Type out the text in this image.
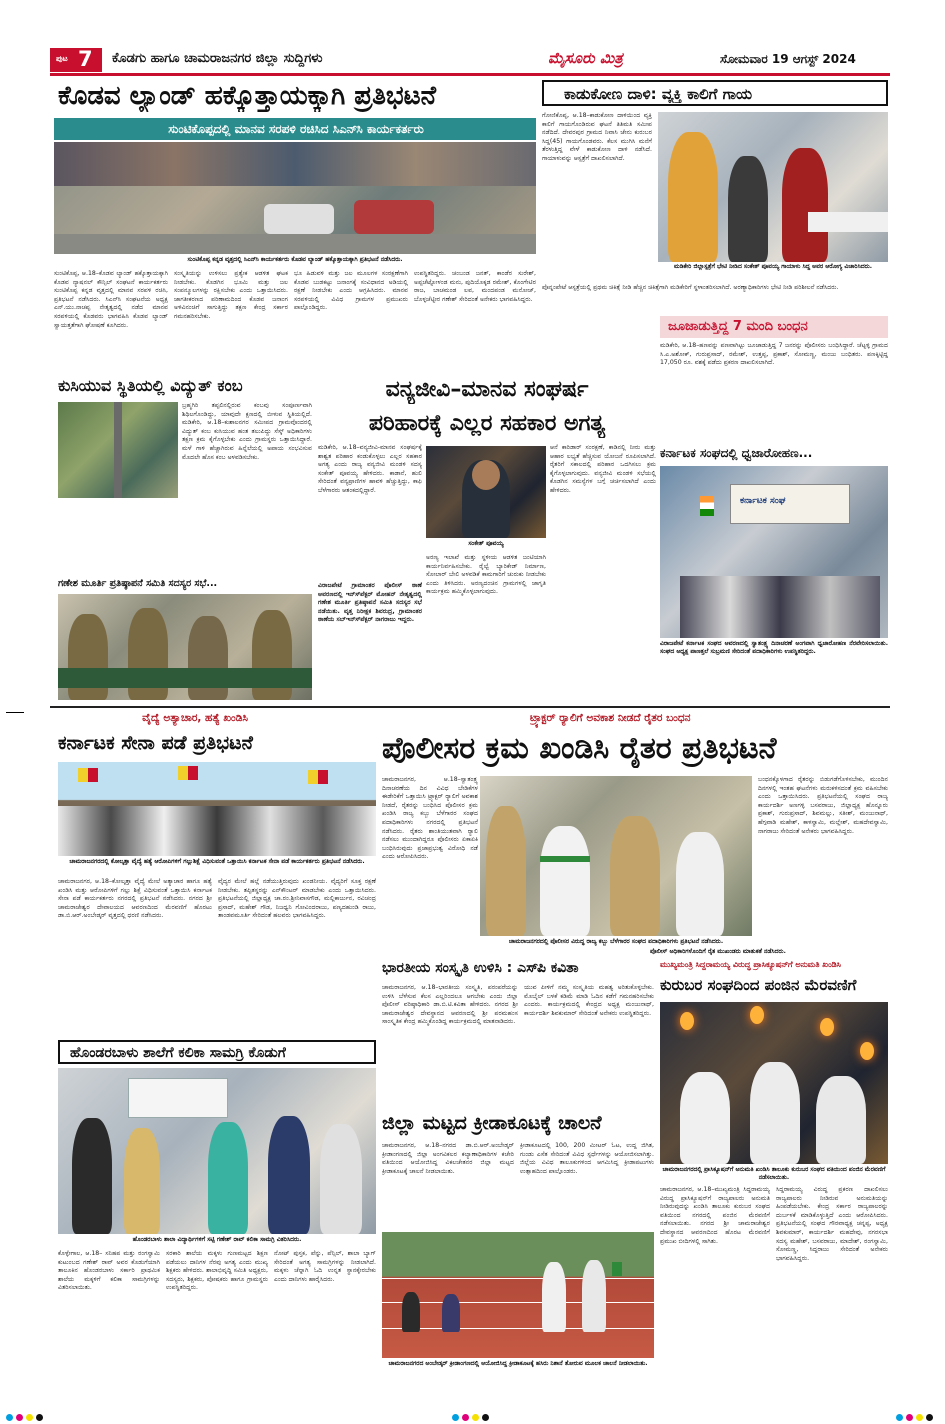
ಪುಟ 7 ಕೊಡಗು ಹಾಗೂ ಚಾಮರಾಜನಗರ ಜಿಲ್ಲಾ ಸುದ್ದಿಗಳು	ಮೈಸೂರು ಮಿತ್ರ	ಸೋಮವಾರ 19 ಆಗಸ್ಟ್ 2024
ಕೊಡವ ಲ್ಯಾಂಡ್ ಹಕ್ಕೊತ್ತಾಯಕ್ಕಾಗಿ ಪ್ರತಿಭಟನೆ
ಸುಂಟಿಕೊಪ್ಪದಲ್ಲಿ ಮಾನವ ಸರಪಳಿ ರಚಿಸಿದ ಸಿಎನ್‍ಸಿ ಕಾರ್ಯಕರ್ತರು
ಸುಂಟಿಕೊಪ್ಪ ಕನ್ನಡ ವೃತ್ತದಲ್ಲಿ ಸಿಎನ್‍ಸಿ ಕಾರ್ಯಕರ್ತರು ಕೊಡವ ಲ್ಯಾಂಡ್ ಹಕ್ಕೊತ್ತಾಯಕ್ಕಾಗಿ ಪ್ರತಿಭಟನೆ ನಡೆಸಿದರು.
ಸುಂಟಿಕೊಪ್ಪ, ಆ.18–ಕೊಡವ ಲ್ಯಾಂಡ್ ಹಕ್ಕೊತ್ತಾಯಕ್ಕಾಗಿ ಕೊಡವ ನ್ಯಾಷನಲ್ ಕೌನ್ಸಿಲ್ ಸಂಘಟನೆ ಕಾರ್ಯಕರ್ತರು ಸುಂಟಿಕೊಪ್ಪ ಕನ್ನಡ ವೃತ್ತದಲ್ಲಿ ಮಾನವ ಸರಪಳಿ ರಚಿಸಿ, ಪ್ರತಿಭಟನೆ ನಡೆಸಿದರು. ಸಿಎನ್‍ಸಿ ಸಂಘಟನೆಯ ಅಧ್ಯಕ್ಷ ಎನ್.ಯು.ನಾಚಪ್ಪ ನೇತೃತ್ವದಲ್ಲಿ ನಡೆದ ಮಾನವ ಸರಪಳಿಯಲ್ಲಿ ಕೊಡವರು ಭಾಗವಹಿಸಿ ಕೊಡವ ಲ್ಯಾಂಡ್ ಸ್ವಾಯತ್ತತೆಗಾಗಿ ಘೋಷಣೆ ಕೂಗಿದರು.
ಸಂಸ್ಕೃತಿಯನ್ನು ಉಳಿಸಲು ಪ್ರತ್ಯೇಕ ಆಡಳಿತ ಘಟಕ ನೀಡಬೇಕು. ಕೊಡಗಿನ ಭೂಮಿ ಮತ್ತು ಜಲ ಸಂಪನ್ಮೂಲಗಳನ್ನು ರಕ್ಷಿಸಬೇಕು ಎಂದು ಒತ್ತಾಯಿಸಿದರು. ಜಾಗತೀಕರಣದ ಪರಿಣಾಮದಿಂದ ಕೊಡವ ಜನಾಂಗ ಅಳಿವಿನಂಚಿಗೆ ಸಾಗುತ್ತಿದ್ದು ತಕ್ಷಣ ಕೇಂದ್ರ ಸರ್ಕಾರ ಗಮನಹರಿಸಬೇಕು.
ಭೂ ಹಿಡುವಳಿ ಮತ್ತು ಜಲ ಮೂಲಗಳ ಸಂರಕ್ಷಣೆಗಾಗಿ ಕೊಡವ ಬುಡಕಟ್ಟು ಜನಾಂಗಕ್ಕೆ ಸಂವಿಧಾನದ ಅಡಿಯಲ್ಲಿ ರಕ್ಷಣೆ ನೀಡಬೇಕು ಎಂದು ಆಗ್ರಹಿಸಿದರು. ಮಾನವ ಸರಪಳಿಯಲ್ಲಿ ವಿವಿಧ ಗ್ರಾಮಗಳ ಪ್ರಮುಖರು ಪಾಲ್ಗೊಂಡಿದ್ದರು.
ಉಪಸ್ಥಿತರಿದ್ದರು. ಚಂಬಂಡ ಜನತ್, ಕಾಂಡೆರ ಸುರೇಶ್, ಅಪ್ಪಚೆಟ್ಟೋಳಂಡ ಮನು, ಪುದಿಯೊಕ್ಕಡ ರಮೇಶ್, ಕೊಂಗೇಟಿರ ರಾಜ, ಬಾಚಮಂಡ ಲವ, ಮಂದಪಂಡ ಮನೋಜ್, ಬೊಳ್ಳಚೆಟ್ಟೀರ ಗಣೇಶ್ ಸೇರಿದಂತೆ ಅನೇಕರು ಭಾಗವಹಿಸಿದ್ದರು.
ಕಾಡುಕೋಣ ದಾಳಿ: ವ್ಯಕ್ತಿ ಕಾಲಿಗೆ ಗಾಯ
ಗೋಣಿಕೊಪ್ಪ, ಆ.18–ಕಾಡುಕೋಣ ದಾಳಿಯಿಂದ ವ್ಯಕ್ತಿ ಕಾಲಿಗೆ ಗಾಯಗೊಂಡಿರುವ ಘಟನೆ ತಿತಿಮತಿ ಸಮೀಪ ನಡೆದಿದೆ. ದೇವರಪುರ ಗ್ರಾಮದ ನಿವಾಸಿ ಜೇನು ಕುರುಬರ ಸಿದ್ದ(45) ಗಾಯಗೊಂಡವರು. ಕೆಲಸ ಮುಗಿಸಿ ಮನೆಗೆ ತೆರಳುತ್ತಿದ್ದ ವೇಳೆ ಕಾಡುಕೋಣ ದಾಳಿ ನಡೆಸಿದೆ. ಗಾಯಾಳುವನ್ನು ಆಸ್ಪತ್ರೆಗೆ ದಾಖಲಿಸಲಾಗಿದೆ.
ಮಡಿಕೇರಿ ಜಿಲ್ಲಾಸ್ಪತ್ರೆಗೆ ಭೇಟಿ ನೀಡಿದ ಸಂಕೇತ್ ಪೂವಯ್ಯ ಗಾಯಾಳು ಸಿದ್ದ ಅವರ ಆರೋಗ್ಯ ವಿಚಾರಿಸಿದರು.
ಪೊನ್ನಂಪೇಟೆ ಆಸ್ಪತ್ರೆಯಲ್ಲಿ ಪ್ರಥಮ ಚಿಕಿತ್ಸೆ ನೀಡಿ ಹೆಚ್ಚಿನ ಚಿಕಿತ್ಸೆಗಾಗಿ ಮಡಿಕೇರಿಗೆ ಸ್ಥಳಾಂತರಿಸಲಾಗಿದೆ. ಅರಣ್ಯಾಧಿಕಾರಿಗಳು ಭೇಟಿ ನೀಡಿ ಪರಿಶೀಲನೆ ನಡೆಸಿದರು.
ಜೂಜಾಡುತ್ತಿದ್ದ 7 ಮಂದಿ ಬಂಧನ
ಮಡಿಕೇರಿ, ಆ.18–ಹಣವನ್ನು ಪಣವಾಗಿಟ್ಟು ಜೂಜಾಡುತ್ತಿದ್ದ 7 ಜನರನ್ನು ಪೊಲೀಸರು ಬಂಧಿಸಿದ್ದಾರೆ. ಚೆಟ್ಟಳ್ಳಿ ಗ್ರಾಮದ ಸಿ.ಎ.ಅಶೋಕ್, ಗುರುಪ್ರಸಾದ್, ರಮೇಶ್, ಉತ್ತಪ್ಪ, ಪ್ರಕಾಶ್, ಸೋಮಣ್ಣ, ಮಂಜು ಬಂಧಿತರು. ಪಣಕ್ಕಿಟ್ಟಿದ್ದ 17,050 ರೂ. ವಶಕ್ಕೆ ಪಡೆದು ಪ್ರಕರಣ ದಾಖಲಿಸಲಾಗಿದೆ.
ಕರ್ನಾಟಕ ಸಂಘದಲ್ಲಿ ಧ್ವಜಾರೋಹಣ...
ಕರ್ನಾಟಕ ಸಂಘ
ವಿರಾಜಪೇಟೆ ಕರ್ನಾಟಕ ಸಂಘದ ಆವರಣದಲ್ಲಿ ಸ್ವಾತಂತ್ರ್ಯ ದಿನಾಚರಣೆ ಅಂಗವಾಗಿ ಧ್ವಜಾರೋಹಣ ನೆರವೇರಿಸಲಾಯಿತು. ಸಂಘದ ಅಧ್ಯಕ್ಷ ಪಾಣತ್ತಲೆ ಸುಬ್ರಮಣಿ ಸೇರಿದಂತೆ ಪದಾಧಿಕಾರಿಗಳು ಉಪಸ್ಥಿತರಿದ್ದರು.
ಕುಸಿಯುವ ಸ್ಥಿತಿಯಲ್ಲಿ ವಿದ್ಯುತ್ ಕಂಬ
ಬ್ರಹ್ಮಗಿರಿ ತಪ್ಪಲಿನಲ್ಲಿರುವ ಕಂಬವು ಸಂಪೂರ್ಣವಾಗಿ ಶಿಥಿಲಗೊಂಡಿದ್ದು, ಯಾವುದೇ ಕ್ಷಣದಲ್ಲಿ ಬೀಳುವ ಸ್ಥಿತಿಯಲ್ಲಿದೆ. ಮಡಿಕೇರಿ, ಆ.18–ಕುಶಾಲನಗರ ಸಮೀಪದ ಗ್ರಾಮವೊಂದರಲ್ಲಿ ವಿದ್ಯುತ್ ಕಂಬ ಕುಸಿಯುವ ಹಂತ ತಲುಪಿದ್ದು ಸೆಸ್ಕ್ ಅಧಿಕಾರಿಗಳು ತಕ್ಷಣ ಕ್ರಮ ಕೈಗೊಳ್ಳಬೇಕು ಎಂದು ಗ್ರಾಮಸ್ಥರು ಒತ್ತಾಯಿಸಿದ್ದಾರೆ. ಮಳೆ ಗಾಳಿ ಹೆಚ್ಚಾಗಿರುವ ಹಿನ್ನೆಲೆಯಲ್ಲಿ ಅಪಾಯ ಸಂಭವಿಸುವ ಮೊದಲೇ ಹೊಸ ಕಂಬ ಅಳವಡಿಸಬೇಕು.
ವನ್ಯಜೀವಿ–ಮಾನವ ಸಂಘರ್ಷ
ಪರಿಹಾರಕ್ಕೆ ಎಲ್ಲರ ಸಹಕಾರ ಅಗತ್ಯ
ಮಡಿಕೇರಿ, ಆ.18–ವನ್ಯಜೀವಿ-ಮಾನವ ಸಂಘರ್ಷಕ್ಕೆ ಶಾಶ್ವತ ಪರಿಹಾರ ಕಂಡುಕೊಳ್ಳಲು ಎಲ್ಲರ ಸಹಕಾರ ಅಗತ್ಯ ಎಂದು ರಾಜ್ಯ ವನ್ಯಜೀವಿ ಮಂಡಳಿ ಸದಸ್ಯ ಸಂಕೇತ್ ಪೂವಯ್ಯ ಹೇಳಿದರು. ಕಾಡಾನೆ, ಹುಲಿ ಸೇರಿದಂತೆ ವನ್ಯಪ್ರಾಣಿಗಳ ಹಾವಳಿ ಹೆಚ್ಚುತ್ತಿದ್ದು, ಕಾಫಿ ಬೆಳೆಗಾರರು ಆತಂಕದಲ್ಲಿದ್ದಾರೆ.
ಸಂಕೇತ್ ಪೂವಯ್ಯ
ಅರಣ್ಯ ಇಲಾಖೆ ಮತ್ತು ಸ್ಥಳೀಯ ಆಡಳಿತ ಜಂಟಿಯಾಗಿ ಕಾರ್ಯನಿರ್ವಹಿಸಬೇಕು. ರೈಲ್ವೆ ಬ್ಯಾರಿಕೇಡ್ ನಿರ್ಮಾಣ, ಸೋಲಾರ್ ಬೇಲಿ ಅಳವಡಿಕೆ ಕಾಮಗಾರಿಗೆ ಚುರುಕು ನೀಡಬೇಕು ಎಂದು ತಿಳಿಸಿದರು. ಅರಣ್ಯದಂಚಿನ ಗ್ರಾಮಗಳಲ್ಲಿ ಜಾಗೃತಿ ಕಾರ್ಯಕ್ರಮ ಹಮ್ಮಿಕೊಳ್ಳಲಾಗುವುದು.
ಆನೆ ಕಾರಿಡಾರ್ ಸಂರಕ್ಷಣೆ, ಕಾಡಿನಲ್ಲಿ ನೀರು ಮತ್ತು ಆಹಾರ ಲಭ್ಯತೆ ಹೆಚ್ಚಿಸುವ ಯೋಜನೆ ರೂಪಿಸಲಾಗಿದೆ. ರೈತರಿಗೆ ಸಕಾಲದಲ್ಲಿ ಪರಿಹಾರ ಒದಗಿಸಲು ಕ್ರಮ ಕೈಗೊಳ್ಳಲಾಗುವುದು. ವನ್ಯಜೀವಿ ಮಂಡಳಿ ಸಭೆಯಲ್ಲಿ ಕೊಡಗಿನ ಸಮಸ್ಯೆಗಳ ಬಗ್ಗೆ ಚರ್ಚಿಸಲಾಗಿದೆ ಎಂದು ಹೇಳಿದರು.
ಗಣೇಶ ಮೂರ್ತಿ ಪ್ರತಿಷ್ಠಾಪನೆ ಸಮಿತಿ ಸದಸ್ಯರ ಸಭೆ...	ವಿರಾಜಪೇಟೆ ಗ್ರಾಮಾಂತರ ಪೊಲೀಸ್ ಠಾಣೆ ಆವರಣದಲ್ಲಿ ಇನ್ಸ್‍ಪೆಕ್ಟರ್ ಮೋಹನ್ ನೇತೃತ್ವದಲ್ಲಿ ಗಣೇಶ ಮೂರ್ತಿ ಪ್ರತಿಷ್ಠಾಪನೆ ಸಮಿತಿ ಸದಸ್ಯರ ಸಭೆ ನಡೆಯಿತು. ವೃತ್ತ ನಿರೀಕ್ಷಕ ಶಿವರುದ್ರ, ಗ್ರಾಮಾಂತರ ಠಾಣೆಯ ಸಬ್‍ಇನ್ಸ್‍ಪೆಕ್ಟರ್ ನಾಗರಾಜು ಇದ್ದರು.
ವೈದ್ಯೆ ಅತ್ಯಾಚಾರ, ಹತ್ಯೆ ಖಂಡಿಸಿ
ಕರ್ನಾಟಕ ಸೇನಾ ಪಡೆ ಪ್ರತಿಭಟನೆ
ಚಾಮರಾಜನಗರದಲ್ಲಿ ಕೋಲ್ಕತ್ತಾ ವೈದ್ಯೆ ಹತ್ಯೆ ಆರೋಪಿಗಳಿಗೆ ಗಲ್ಲುಶಿಕ್ಷೆ ವಿಧಿಸುವಂತೆ ಒತ್ತಾಯಿಸಿ ಕರ್ನಾಟಕ ಸೇನಾ ಪಡೆ ಕಾರ್ಯಕರ್ತರು ಪ್ರತಿಭಟನೆ ನಡೆಸಿದರು.
ಚಾಮರಾಜನಗರ, ಆ.18–ಕೋಲ್ಕತ್ತಾ ವೈದ್ಯೆ ಮೇಲೆ ಅತ್ಯಾಚಾರ ಹಾಗೂ ಹತ್ಯೆ ಖಂಡಿಸಿ ಮತ್ತು ಆರೋಪಿಗಳಿಗೆ ಗಲ್ಲು ಶಿಕ್ಷೆ ವಿಧಿಸುವಂತೆ ಒತ್ತಾಯಿಸಿ ಕರ್ನಾಟಕ ಸೇನಾ ಪಡೆ ಕಾರ್ಯಕರ್ತರು ನಗರದಲ್ಲಿ ಪ್ರತಿಭಟನೆ ನಡೆಸಿದರು. ನಗರದ ಶ್ರೀ ಚಾಮರಾಜೇಶ್ವರ ದೇವಾಲಯದ ಆವರಣದಿಂದ ಮೆರವಣಿಗೆ ಹೊರಟು ಡಾ.ಬಿ.ಆರ್.ಅಂಬೇಡ್ಕರ್ ವೃತ್ತದಲ್ಲಿ ಧರಣಿ ನಡೆಸಿದರು.
ವೈದ್ಯರ ಮೇಲೆ ಹಲ್ಲೆ ನಡೆಯುತ್ತಿರುವುದು ಖಂಡನೀಯ. ವೈದ್ಯರಿಗೆ ಸೂಕ್ತ ರಕ್ಷಣೆ ನೀಡಬೇಕು. ತಪ್ಪಿತಸ್ಥರನ್ನು ಎನ್‍ಕೌಂಟರ್ ಮಾಡಬೇಕು ಎಂದು ಒತ್ತಾಯಿಸಿದರು. ಪ್ರತಿಭಟನೆಯಲ್ಲಿ ಜಿಲ್ಲಾಧ್ಯಕ್ಷ ಚಾ.ರಂ.ಶ್ರೀನಿವಾಸಗೌಡ, ಮಲ್ಲಿಕಾರ್ಜುನ, ರವಿಚಂದ್ರ ಪ್ರಸಾದ್, ಮಹೇಶ್ ಗೌಡ, ನಿಜಧ್ವನಿ ಗೋವಿಂದರಾಜು, ಪಣ್ಯದಹುಂಡಿ ರಾಜು, ತಾಂಡವಮೂರ್ತಿ ಸೇರಿದಂತೆ ಹಲವರು ಭಾಗವಹಿಸಿದ್ದರು.
ಟ್ರ್ಯಾಕ್ಟರ್ ರ‍್ಯಾಲಿಗೆ ಅವಕಾಶ ನೀಡದೆ ರೈತರ ಬಂಧನ
ಪೊಲೀಸರ ಕ್ರಮ ಖಂಡಿಸಿ ರೈತರ ಪ್ರತಿಭಟನೆ
ಚಾಮರಾಜನಗರ, ಆ.18–ಸ್ವಾತಂತ್ರ್ಯ ದಿನಾಚರಣೆಯ ದಿನ ವಿವಿಧ ಬೇಡಿಕೆಗಳ ಈಡೇರಿಕೆಗೆ ಒತ್ತಾಯಿಸಿ ಟ್ರ್ಯಾಕ್ಟರ್ ರ‍್ಯಾಲಿಗೆ ಅವಕಾಶ ನೀಡದೆ, ರೈತರನ್ನು ಬಂಧಿಸಿದ ಪೊಲೀಸರ ಕ್ರಮ ಖಂಡಿಸಿ ರಾಜ್ಯ ಕಬ್ಬು ಬೆಳೆಗಾರರ ಸಂಘದ ಪದಾಧಿಕಾರಿಗಳು ನಗರದಲ್ಲಿ ಪ್ರತಿಭಟನೆ ನಡೆಸಿದರು. ರೈತರು ಶಾಂತಿಯುತವಾಗಿ ರ‍್ಯಾಲಿ ನಡೆಸಲು ಮುಂದಾಗಿದ್ದರೂ ಪೊಲೀಸರು ಏಕಾಏಕಿ ಬಂಧಿಸಿರುವುದು ಪ್ರಜಾಪ್ರಭುತ್ವ ವಿರೋಧಿ ನಡೆ ಎಂದು ಆರೋಪಿಸಿದರು.
ಚಾಮರಾಜನಗರದಲ್ಲಿ ಪೊಲೀಸರ ವಿರುದ್ಧ ರಾಜ್ಯ ಕಬ್ಬು ಬೆಳೆಗಾರರ ಸಂಘದ ಪದಾಧಿಕಾರಿಗಳು ಪ್ರತಿಭಟನೆ ನಡೆಸಿದರು.
ಬಂಧನಕ್ಕೊಳಗಾದ ರೈತರನ್ನು ಬಿಡುಗಡೆಗೊಳಿಸಬೇಕು, ಮುಂದಿನ ದಿನಗಳಲ್ಲಿ ಇಂತಹ ಘಟನೆಗಳು ಮರುಕಳಿಸದಂತೆ ಕ್ರಮ ವಹಿಸಬೇಕು ಎಂದು ಒತ್ತಾಯಿಸಿದರು. ಪ್ರತಿಭಟನೆಯಲ್ಲಿ ಸಂಘದ ರಾಜ್ಯ ಕಾರ್ಯದರ್ಶಿ ಅಣಗಳ್ಳಿ ಬಸವರಾಜು, ಜಿಲ್ಲಾಧ್ಯಕ್ಷ ಹೊನ್ನೂರು ಪ್ರಕಾಶ್, ಗುರುಪ್ರಸಾದ್, ಶಿವಮಲ್ಲು, ಸತೀಶ್, ಮಂಜುನಾಥ್, ಹೆಗ್ಗವಾಡಿ ಮಹೇಶ್, ಕಾಳಸ್ವಾಮಿ, ಮಲ್ಲೇಶ್, ಮಹದೇವಸ್ವಾಮಿ, ನಾಗರಾಜು ಸೇರಿದಂತೆ ಅನೇಕರು ಭಾಗವಹಿಸಿದ್ದರು.
ಪೊಲೀಸ್ ಅಧಿಕಾರಿಗಳೊಂದಿಗೆ ರೈತ ಮುಖಂಡರು ಮಾತುಕತೆ ನಡೆಸಿದರು.
ಭಾರತೀಯ ಸಂಸ್ಕೃತಿ ಉಳಿಸಿ : ಎಸ್‍ಪಿ ಕವಿತಾ
ಚಾಮರಾಜನಗರ, ಆ.18–ಭಾರತೀಯ ಸಂಸ್ಕೃತಿ, ಪರಂಪರೆಯನ್ನು ಉಳಿಸಿ ಬೆಳೆಸುವ ಕೆಲಸ ಎಲ್ಲರಿಂದಲೂ ಆಗಬೇಕು ಎಂದು ಜಿಲ್ಲಾ ಪೊಲೀಸ್ ವರಿಷ್ಠಾಧಿಕಾರಿ ಡಾ.ಬಿ.ಟಿ.ಕವಿತಾ ಹೇಳಿದರು. ನಗರದ ಶ್ರೀ ಚಾಮರಾಜೇಶ್ವರ ದೇವಸ್ಥಾನದ ಆವರಣದಲ್ಲಿ ಶ್ರೀ ಪರಮಹಂಸ ಸಾಂಸ್ಕೃತಿಕ ಕೇಂದ್ರ ಹಮ್ಮಿಕೊಂಡಿದ್ದ ಕಾರ್ಯಕ್ರಮದಲ್ಲಿ ಮಾತನಾಡಿದರು.
ಯುವ ಪೀಳಿಗೆ ನಮ್ಮ ಸಂಸ್ಕೃತಿಯ ಮಹತ್ವ ಅರಿತುಕೊಳ್ಳಬೇಕು. ಮೊಬೈಲ್ ಬಳಕೆ ಕಡಿಮೆ ಮಾಡಿ ಓದಿನ ಕಡೆಗೆ ಗಮನಹರಿಸಬೇಕು ಎಂದರು. ಕಾರ್ಯಕ್ರಮದಲ್ಲಿ ಕೇಂದ್ರದ ಅಧ್ಯಕ್ಷ ಮಂಜುನಾಥ್, ಕಾರ್ಯದರ್ಶಿ ಶಿವಕುಮಾರ್ ಸೇರಿದಂತೆ ಅನೇಕರು ಉಪಸ್ಥಿತರಿದ್ದರು.
ಮುಖ್ಯಮಂತ್ರಿ ಸಿದ್ದರಾಮಯ್ಯ ವಿರುದ್ಧ ಪ್ರಾಸಿಕ್ಯೂಷನ್‍ಗೆ ಅನುಮತಿ ಖಂಡಿಸಿ
ಕುರುಬರ ಸಂಘದಿಂದ ಪಂಜಿನ ಮೆರವಣಿಗೆ
ಚಾಮರಾಜನಗರದಲ್ಲಿ ಪ್ರಾಸಿಕ್ಯೂಷನ್‍ಗೆ ಅನುಮತಿ ಖಂಡಿಸಿ ತಾಲೂಕು ಕುರುಬರ ಸಂಘದ ವತಿಯಿಂದ ಪಂಜಿನ ಮೆರವಣಿಗೆ ನಡೆಸಲಾಯಿತು.
ಚಾಮರಾಜನಗರ, ಆ.18–ಮುಖ್ಯಮಂತ್ರಿ ಸಿದ್ದರಾಮಯ್ಯ ವಿರುದ್ಧ ಪ್ರಾಸಿಕ್ಯೂಷನ್‍ಗೆ ರಾಜ್ಯಪಾಲರು ಅನುಮತಿ ನೀಡಿರುವುದನ್ನು ಖಂಡಿಸಿ ತಾಲೂಕು ಕುರುಬರ ಸಂಘದ ವತಿಯಿಂದ ನಗರದಲ್ಲಿ ಪಂಜಿನ ಮೆರವಣಿಗೆ ನಡೆಸಲಾಯಿತು. ನಗರದ ಶ್ರೀ ಚಾಮರಾಜೇಶ್ವರ ದೇವಸ್ಥಾನದ ಆವರಣದಿಂದ ಹೊರಟ ಮೆರವಣಿಗೆ ಪ್ರಮುಖ ಬೀದಿಗಳಲ್ಲಿ ಸಾಗಿತು.
ಸಿದ್ದರಾಮಯ್ಯ ವಿರುದ್ಧ ಪ್ರಕರಣ ದಾಖಲಿಸಲು ರಾಜ್ಯಪಾಲರು ನೀಡಿರುವ ಅನುಮತಿಯನ್ನು ಹಿಂಪಡೆಯಬೇಕು. ಕೇಂದ್ರ ಸರ್ಕಾರ ರಾಜ್ಯಪಾಲರನ್ನು ದುರ್ಬಳಕೆ ಮಾಡಿಕೊಳ್ಳುತ್ತಿದೆ ಎಂದು ಆರೋಪಿಸಿದರು. ಪ್ರತಿಭಟನೆಯಲ್ಲಿ ಸಂಘದ ಗೌರವಾಧ್ಯಕ್ಷ ಚನ್ನಪ್ಪ, ಅಧ್ಯಕ್ಷ ಶಿವಕುಮಾರ್, ಕಾರ್ಯದರ್ಶಿ ಮಹದೇವು, ನಗರಸಭಾ ಸದಸ್ಯ ಮಹೇಶ್, ಬಸವರಾಜು, ಮಾದೇಶ್, ರಂಗಸ್ವಾಮಿ, ಸೋಮಣ್ಣ, ಸಿದ್ದರಾಜು ಸೇರಿದಂತೆ ಅನೇಕರು ಭಾಗವಹಿಸಿದ್ದರು.
ಹೊಂಡರಬಾಳು ಶಾಲೆಗೆ ಕಲಿಕಾ ಸಾಮಗ್ರಿ ಕೊಡುಗೆ
ಹೊಂಡರಬಾಳು ಶಾಲಾ ವಿದ್ಯಾರ್ಥಿಗಳಿಗೆ ಸಟ್ಟಿ ಗಣೇಶ್ ರಾವ್ ಕಲಿಕಾ ಸಾಮಗ್ರಿ ವಿತರಿಸಿದರು.
ಕೊಳ್ಳೇಗಾಲ, ಆ.18– ಸನಿಹಪ ಮತ್ತು ರಂಗಸ್ವಾಮಿ ಕುಟುಂಬದ ಗಣೇಶ್ ರಾವ್ ಅವರ ಕೊಡುಗೆಯಾಗಿ ತಾಲೂಕಿನ ಹೊಂಡರಬಾಳು ಸರ್ಕಾರಿ ಪ್ರಾಥಮಿಕ ಶಾಲೆಯ ಮಕ್ಕಳಿಗೆ ಕಲಿಕಾ ಸಾಮಗ್ರಿಗಳನ್ನು ವಿತರಿಸಲಾಯಿತು.
ಸರಕಾರಿ ಶಾಲೆಯ ಮಕ್ಕಳು ಗುಣಮಟ್ಟದ ಶಿಕ್ಷಣ ಪಡೆಯಲು ದಾನಿಗಳ ನೆರವು ಅಗತ್ಯ ಎಂದು ಮುಖ್ಯ ಶಿಕ್ಷಕರು ಹೇಳಿದರು. ಶಾಲಾಭಿವೃದ್ಧಿ ಸಮಿತಿ ಅಧ್ಯಕ್ಷರು, ಸದಸ್ಯರು, ಶಿಕ್ಷಕರು, ಪೋಷಕರು ಹಾಗೂ ಗ್ರಾಮಸ್ಥರು ಉಪಸ್ಥಿತರಿದ್ದರು.
ನೋಟ್ ಪುಸ್ತಕ, ಪೆನ್ನು, ಪೆನ್ಸಿಲ್, ಶಾಲಾ ಬ್ಯಾಗ್ ಸೇರಿದಂತೆ ಅಗತ್ಯ ಸಾಮಗ್ರಿಗಳನ್ನು ನೀಡಲಾಗಿದೆ. ಮಕ್ಕಳು ಚೆನ್ನಾಗಿ ಓದಿ ಉನ್ನತ ಸ್ಥಾನಕ್ಕೇರಬೇಕು ಎಂದು ದಾನಿಗಳು ಹಾರೈಸಿದರು.
ಜಿಲ್ಲಾ ಮಟ್ಟದ ಕ್ರೀಡಾಕೂಟಕ್ಕೆ ಚಾಲನೆ
ಚಾಮರಾಜನಗರ, ಆ.18–ನಗರದ ಡಾ.ಬಿ.ಆರ್.ಅಂಬೇಡ್ಕರ್ ಕ್ರೀಡಾಂಗಣದಲ್ಲಿ ಜಿಲ್ಲಾ ಅಂಗವಿಕಲರ ಕಲ್ಯಾಣಾಧಿಕಾರಿಗಳ ಕಚೇರಿ ವತಿಯಿಂದ ಆಯೋಜಿಸಿದ್ದ ವಿಕಲಚೇತನರ ಜಿಲ್ಲಾ ಮಟ್ಟದ ಕ್ರೀಡಾಕೂಟಕ್ಕೆ ಚಾಲನೆ ನೀಡಲಾಯಿತು.
ಕ್ರೀಡಾಕೂಟದಲ್ಲಿ 100, 200 ಮೀಟರ್ ಓಟ, ಉದ್ದ ಜಿಗಿತ, ಗುಂಡು ಎಸೆತ ಸೇರಿದಂತೆ ವಿವಿಧ ಸ್ಪರ್ಧೆಗಳನ್ನು ಆಯೋಜಿಸಲಾಗಿತ್ತು. ಜಿಲ್ಲೆಯ ವಿವಿಧ ತಾಲೂಕುಗಳಿಂದ ಆಗಮಿಸಿದ್ದ ಕ್ರೀಡಾಪಟುಗಳು ಉತ್ಸಾಹದಿಂದ ಪಾಲ್ಗೊಂಡರು.
ಚಾಮರಾಜನಗರದ ಅಂಬೇಡ್ಕರ್ ಕ್ರೀಡಾಂಗಣದಲ್ಲಿ ಆಯೋಜಿಸಿದ್ದ ಕ್ರೀಡಾಕೂಟಕ್ಕೆ ಹಸಿರು ನಿಶಾನೆ ತೋರುವ ಮೂಲಕ ಚಾಲನೆ ನೀಡಲಾಯಿತು.
